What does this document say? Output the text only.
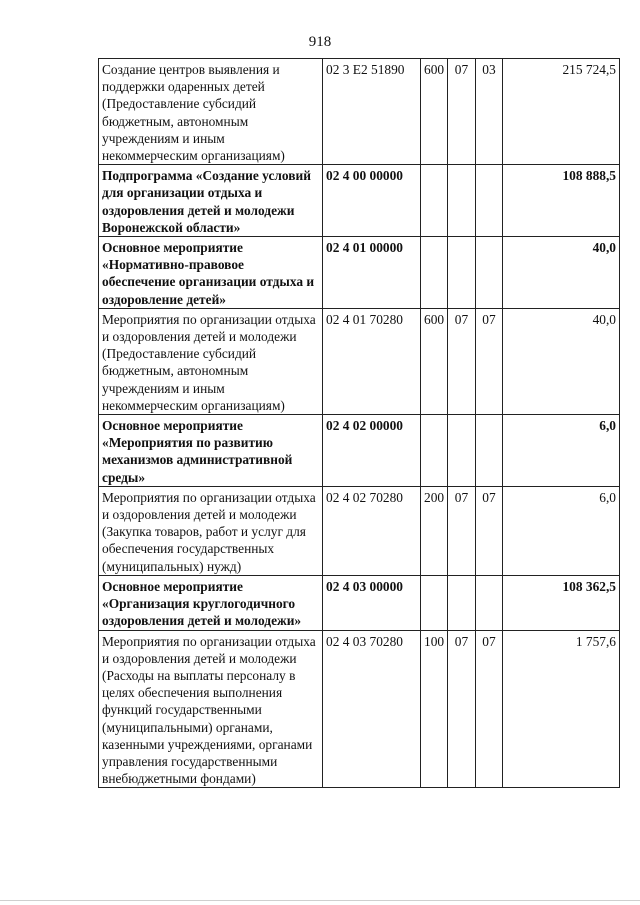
918
Создание центров выявления и поддержки одаренных детей (Предоставление субсидий бюджетным, автономным учреждениям и иным некоммерческим организациям)	02 3 E2 51890	600	07	03	215 724,5
Подпрограмма «Создание условий для организации отдыха и оздоровления детей и молодежи Воронежской области»	02 4 00 00000				108 888,5
Основное мероприятие «Нормативно-правовое обеспечение организации отдыха и оздоровление детей»	02 4 01 00000				40,0
Мероприятия по организации отдыха и оздоровления детей и молодежи (Предоставление субсидий бюджетным, автономным учреждениям и иным некоммерческим организациям)	02 4 01 70280	600	07	07	40,0
Основное мероприятие «Мероприятия по развитию механизмов административной среды»	02 4 02 00000				6,0
Мероприятия по организации отдыха и оздоровления детей и молодежи (Закупка товаров, работ и услуг для обеспечения государственных (муниципальных) нужд)	02 4 02 70280	200	07	07	6,0
Основное мероприятие «Организация круглогодичного оздоровления детей и молодежи»	02 4 03 00000				108 362,5
Мероприятия по организации отдыха и оздоровления детей и молодежи (Расходы на выплаты персоналу в целях обеспечения выполнения функций государственными (муниципальными) органами, казенными учреждениями, органами управления государственными внебюджетными фондами)	02 4 03 70280	100	07	07	1 757,6
